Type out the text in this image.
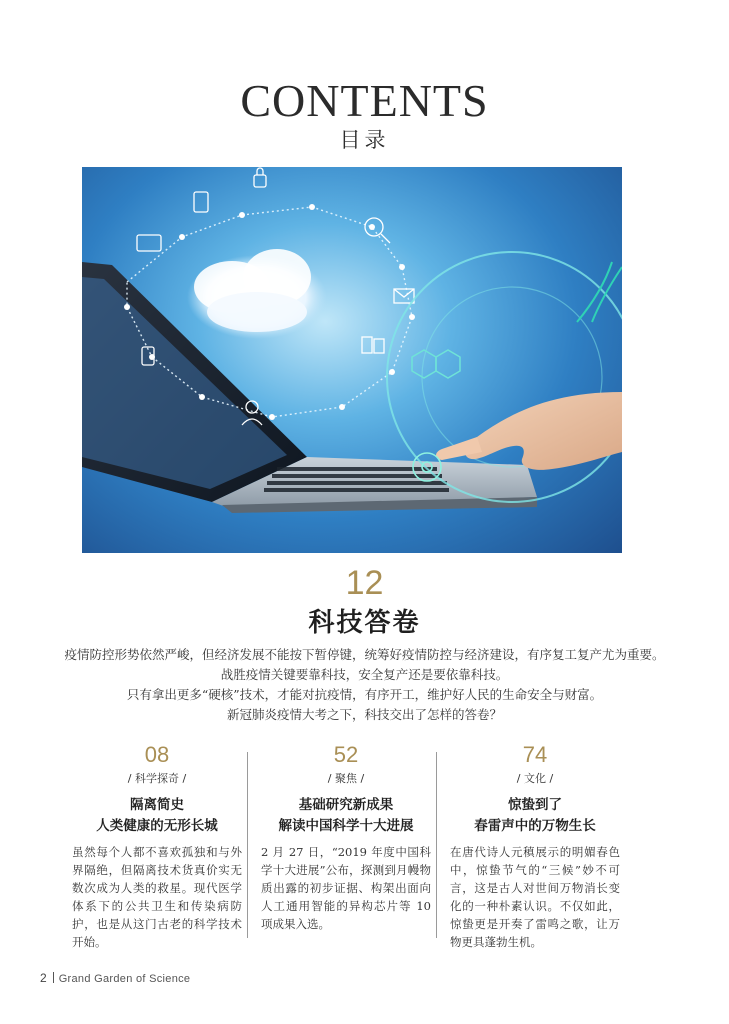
CONTENTS
目录
12
科技答卷
疫情防控形势依然严峻，但经济发展不能按下暂停键，统筹好疫情防控与经济建设，有序复工复产尤为重要。
战胜疫情关键要靠科技，安全复产还是要依靠科技。
只有拿出更多“硬核”技术，才能对抗疫情，有序开工，维护好人民的生命安全与财富。
新冠肺炎疫情大考之下，科技交出了怎样的答卷？
08
/ 科学探奇 /
隔离简史
人类健康的无形长城
虽然每个人都不喜欢孤独和与外界隔绝，但隔离技术货真价实无数次成为人类的救星。现代医学体系下的公共卫生和传染病防护，也是从这门古老的科学技术开始。
52
/ 聚焦 /
基础研究新成果
解读中国科学十大进展
2 月 27 日，“2019 年度中国科学十大进展”公布，探测到月幔物质出露的初步证据、构架出面向人工通用智能的异构芯片等 10 项成果入选。
74
/ 文化 /
惊蛰到了
春雷声中的万物生长
在唐代诗人元稹展示的明媚春色中，惊蛰节气的“三候”妙不可言，这是古人对世间万物消长变化的一种朴素认识。不仅如此，惊蛰更是开奏了雷鸣之歌，让万物更具蓬勃生机。
2 Grand Garden of Science
